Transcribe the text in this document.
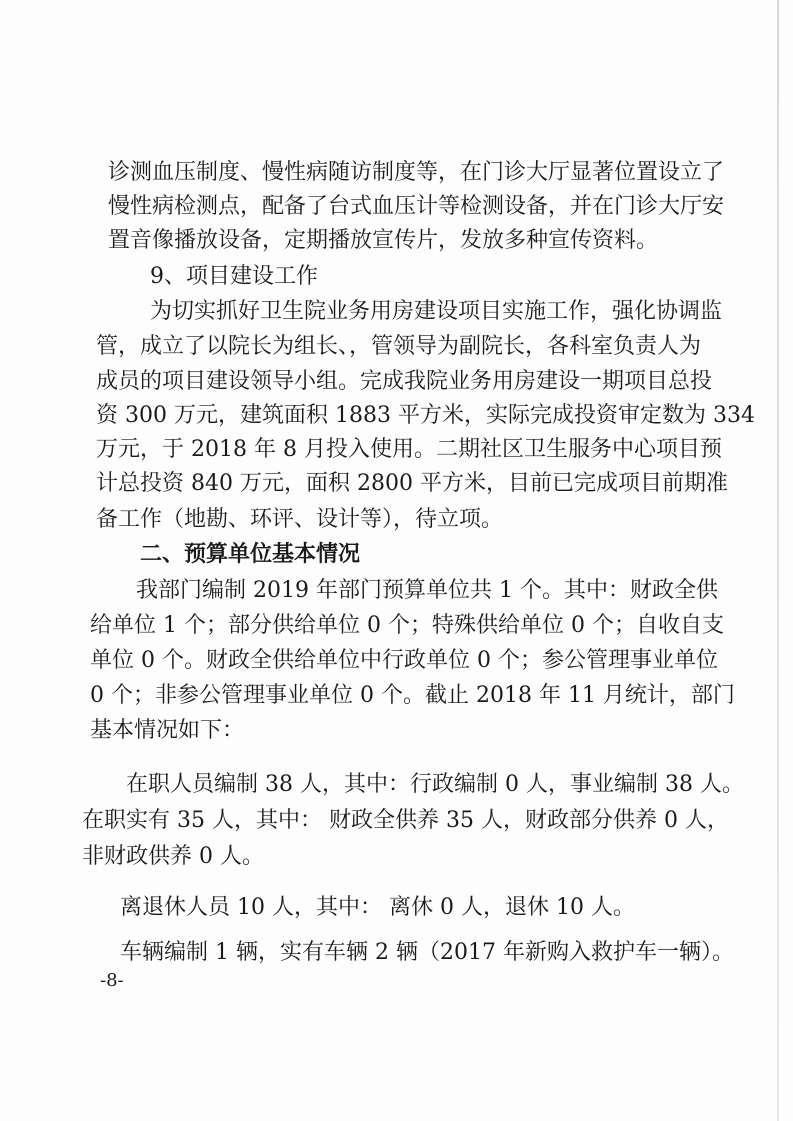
诊测血压制度、慢性病随访制度等，在门诊大厅显著位置设立了
慢性病检测点，配备了台式血压计等检测设备，并在门诊大厅安
置音像播放设备，定期播放宣传片，发放多种宣传资料。
9、项目建设工作
为切实抓好卫生院业务用房建设项目实施工作，强化协调监
管，成立了以院长为组长、，管领导为副院长，各科室负责人为
成员的项目建设领导小组。完成我院业务用房建设一期项目总投
资 300 万元，建筑面积 1883 平方米，实际完成投资审定数为 334
万元，于 2018 年 8 月投入使用。二期社区卫生服务中心项目预
计总投资 840 万元，面积 2800 平方米，目前已完成项目前期准
备工作（地勘、环评、设计等），待立项。
二、预算单位基本情况
我部门编制 2019 年部门预算单位共 1 个。其中：财政全供
给单位 1 个；部分供给单位 0 个；特殊供给单位 0 个；自收自支
单位 0 个。财政全供给单位中行政单位 0 个；参公管理事业单位
0 个；非参公管理事业单位 0 个。截止 2018 年 11 月统计，部门
基本情况如下：
在职人员编制 38 人，其中：行政编制 0 人，事业编制 38 人。
在职实有 35 人，其中： 财政全供养 35 人，财政部分供养 0 人，
非财政供养 0 人。
离退休人员 10 人，其中： 离休 0 人，退休 10 人。
车辆编制 1 辆，实有车辆 2 辆（2017 年新购入救护车一辆）。
-8-
